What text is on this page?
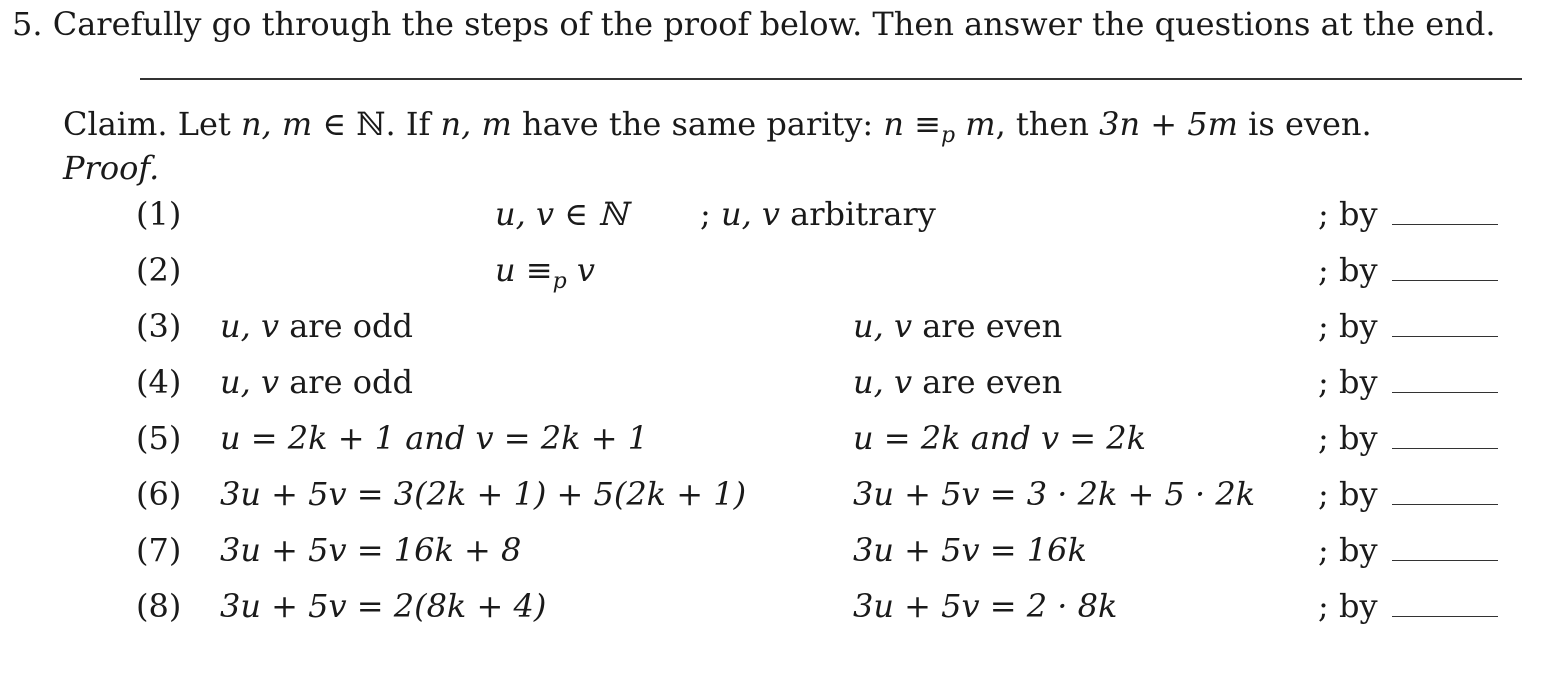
5. Carefully go through the steps of the proof below. Then answer the questions at the end.
Claim. Let n, m ∈ ℕ. If n, m have the same parity: $n \equiv_p$ m, then 3n + 5m is even.
Proof.
(1)	u, v ∈ ℕ ; u, v arbitrary	; by
(2)	$u \equiv_p$ v	; by
(3) u, v are odd	u, v are even	; by
(4) u, v are odd	u, v are even	; by
(5) u = 2k + 1 and v = 2k + 1	u = 2k and v = 2k	; by
(6) 3u + 5v = 3(2k + 1) + 5(2k + 1)	3u + 5v = 3 · 2k + 5 · 2k ; by
(7) 3u + 5v = 16k + 8	3u + 5v = 16k	; by
(8) 3u + 5v = 2(8k + 4)	3u + 5v = 2 · 8k	; by
